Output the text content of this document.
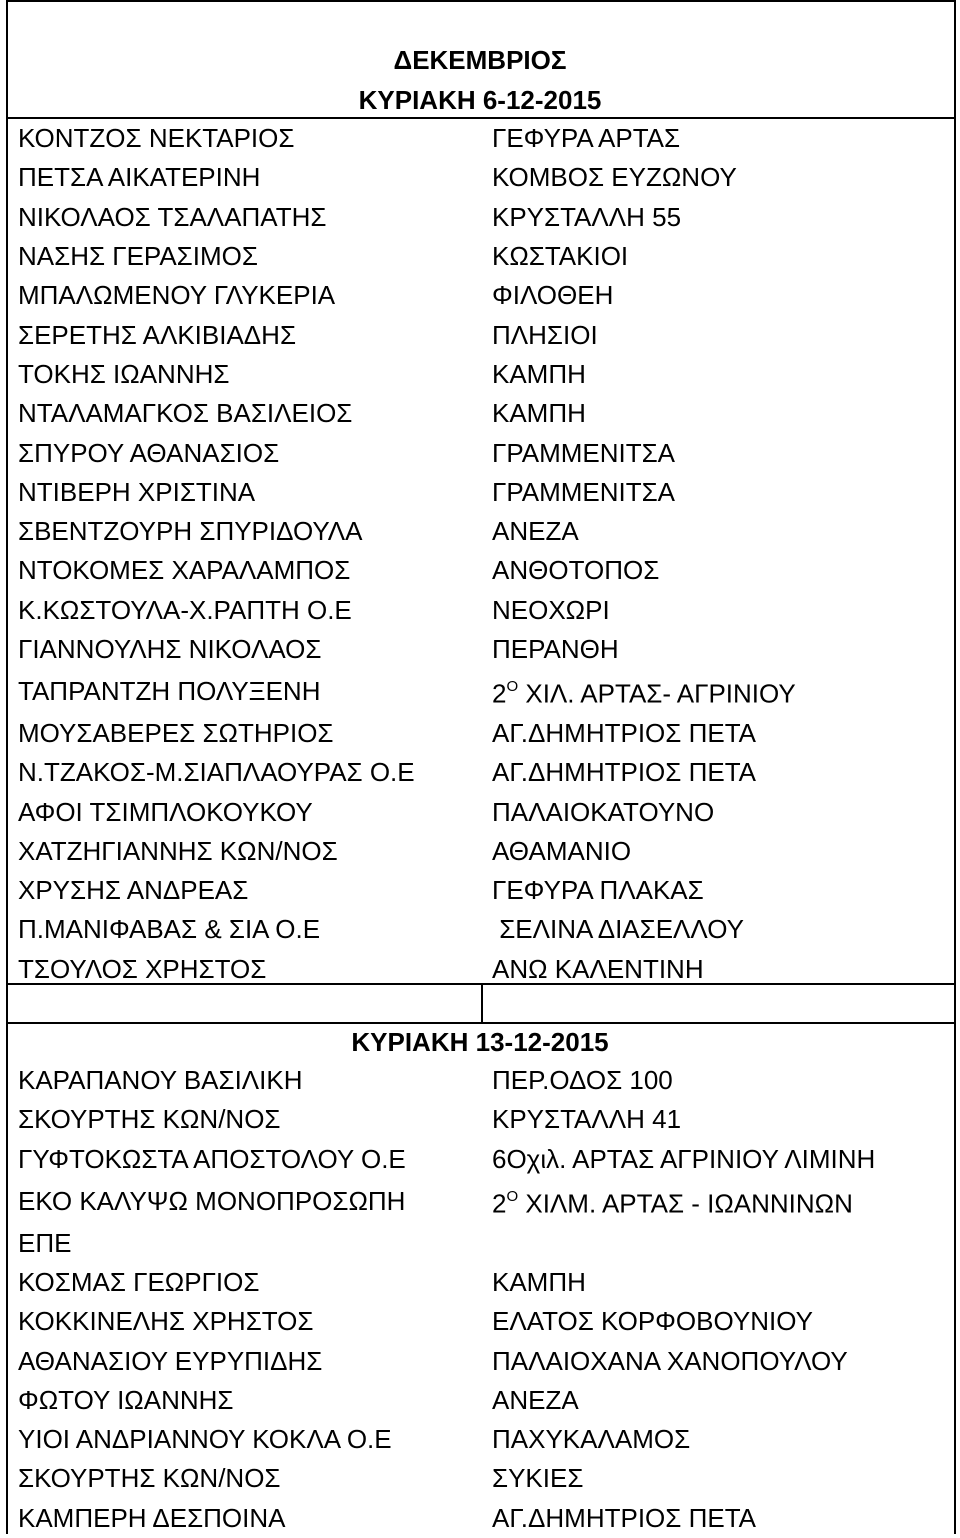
ΔΕΚΕΜΒΡΙΟΣ
ΚΥΡΙΑΚΗ 6-12-2015
ΚΟΝΤΖΟΣ ΝΕΚΤΑΡΙΟΣ	ΓΕΦΥΡΑ ΑΡΤΑΣ
ΠΕΤΣΑ ΑΙΚΑΤΕΡΙΝΗ	ΚΟΜΒΟΣ ΕΥΖΩΝΟΥ
ΝΙΚΟΛΑΟΣ ΤΣΑΛΑΠΑΤΗΣ	ΚΡΥΣΤΑΛΛΗ 55
ΝΑΣΗΣ ΓΕΡΑΣΙΜΟΣ	ΚΩΣΤΑΚΙΟΙ
ΜΠΑΛΩΜΕΝΟΥ ΓΛΥΚΕΡΙΑ	ΦΙΛΟΘΕΗ
ΣΕΡΕΤΗΣ ΑΛΚΙΒΙΑΔΗΣ	ΠΛΗΣΙΟΙ
ΤΟΚΗΣ ΙΩΑΝΝΗΣ	ΚΑΜΠΗ
ΝΤΑΛΑΜΑΓΚΟΣ ΒΑΣΙΛΕΙΟΣ	ΚΑΜΠΗ
ΣΠΥΡΟΥ ΑΘΑΝΑΣΙΟΣ	ΓΡΑΜΜΕΝΙΤΣΑ
ΝΤΙΒΕΡΗ ΧΡΙΣΤΙΝΑ	ΓΡΑΜΜΕΝΙΤΣΑ
ΣΒΕΝΤΖΟΥΡΗ ΣΠΥΡΙΔΟΥΛΑ	ΑΝΕΖΑ
ΝΤΟΚΟΜΕΣ ΧΑΡΑΛΑΜΠΟΣ	ΑΝΘΟΤΟΠΟΣ
Κ.ΚΩΣΤΟΥΛΑ-Χ.ΡΑΠΤΗ Ο.Ε	ΝΕΟΧΩΡΙ
ΓΙΑΝΝΟΥΛΗΣ ΝΙΚΟΛΑΟΣ	ΠΕΡΑΝΘΗ
ΤΑΠΡΑΝΤΖΗ ΠΟΛΥΞΕΝΗ	$2^O$ ΧΙΛ. ΑΡΤΑΣ- ΑΓΡΙΝΙΟΥ
ΜΟΥΣΑΒΕΡΕΣ ΣΩΤΗΡΙΟΣ	ΑΓ.ΔΗΜΗΤΡΙΟΣ ΠΕΤΑ
Ν.ΤΖΑΚΟΣ-Μ.ΣΙΑΠΛΑΟΥΡΑΣ Ο.Ε	ΑΓ.ΔΗΜΗΤΡΙΟΣ ΠΕΤΑ
ΑΦΟΙ ΤΣΙΜΠΛΟΚΟΥΚΟΥ	ΠΑΛΑΙΟΚΑΤΟΥΝΟ
ΧΑΤΖΗΓΙΑΝΝΗΣ ΚΩΝ/ΝΟΣ	ΑΘΑΜΑΝΙΟ
ΧΡΥΣΗΣ ΑΝΔΡΕΑΣ	ΓΕΦΥΡΑ ΠΛΑΚΑΣ
Π.ΜΑΝΙΦΑΒΑΣ & ΣΙΑ Ο.Ε	ΣΕΛΙΝΑ ΔΙΑΣΕΛΛΟΥ
ΤΣΟΥΛΟΣ ΧΡΗΣΤΟΣ	ΑΝΩ ΚΑΛΕΝΤΙΝΗ
ΚΥΡΙΑΚΗ 13-12-2015
ΚΑΡΑΠΑΝΟΥ ΒΑΣΙΛΙΚΗ	ΠΕΡ.ΟΔΟΣ 100
ΣΚΟΥΡΤΗΣ ΚΩΝ/ΝΟΣ	ΚΡΥΣΤΑΛΛΗ 41
ΓΥΦΤΟΚΩΣΤΑ ΑΠΟΣΤΟΛΟΥ Ο.Ε	6Οχιλ. ΑΡΤΑΣ ΑΓΡΙΝΙΟΥ ΛΙΜΙΝΗ
ΕΚΟ ΚΑΛΥΨΩ ΜΟΝΟΠΡΟΣΩΠΗ	$2^O$ ΧΙΛΜ. ΑΡΤΑΣ - ΙΩΑΝΝΙΝΩΝ
ΕΠΕ	
ΚΟΣΜΑΣ ΓΕΩΡΓΙΟΣ	ΚΑΜΠΗ
ΚΟΚΚΙΝΕΛΗΣ ΧΡΗΣΤΟΣ	ΕΛΑΤΟΣ ΚΟΡΦΟΒΟΥΝΙΟΥ
ΑΘΑΝΑΣΙΟΥ ΕΥΡΥΠΙΔΗΣ	ΠΑΛΑΙΟΧΑΝΑ ΧΑΝΟΠΟΥΛΟΥ
ΦΩΤΟΥ ΙΩΑΝΝΗΣ	ΑΝΕΖΑ
ΥΙΟΙ ΑΝΔΡΙΑΝΝΟΥ ΚΟΚΛΑ Ο.Ε	ΠΑΧΥΚΑΛΑΜΟΣ
ΣΚΟΥΡΤΗΣ ΚΩΝ/ΝΟΣ	ΣΥΚΙΕΣ
ΚΑΜΠΕΡΗ ΔΕΣΠΟΙΝΑ	ΑΓ.ΔΗΜΗΤΡΙΟΣ ΠΕΤΑ
